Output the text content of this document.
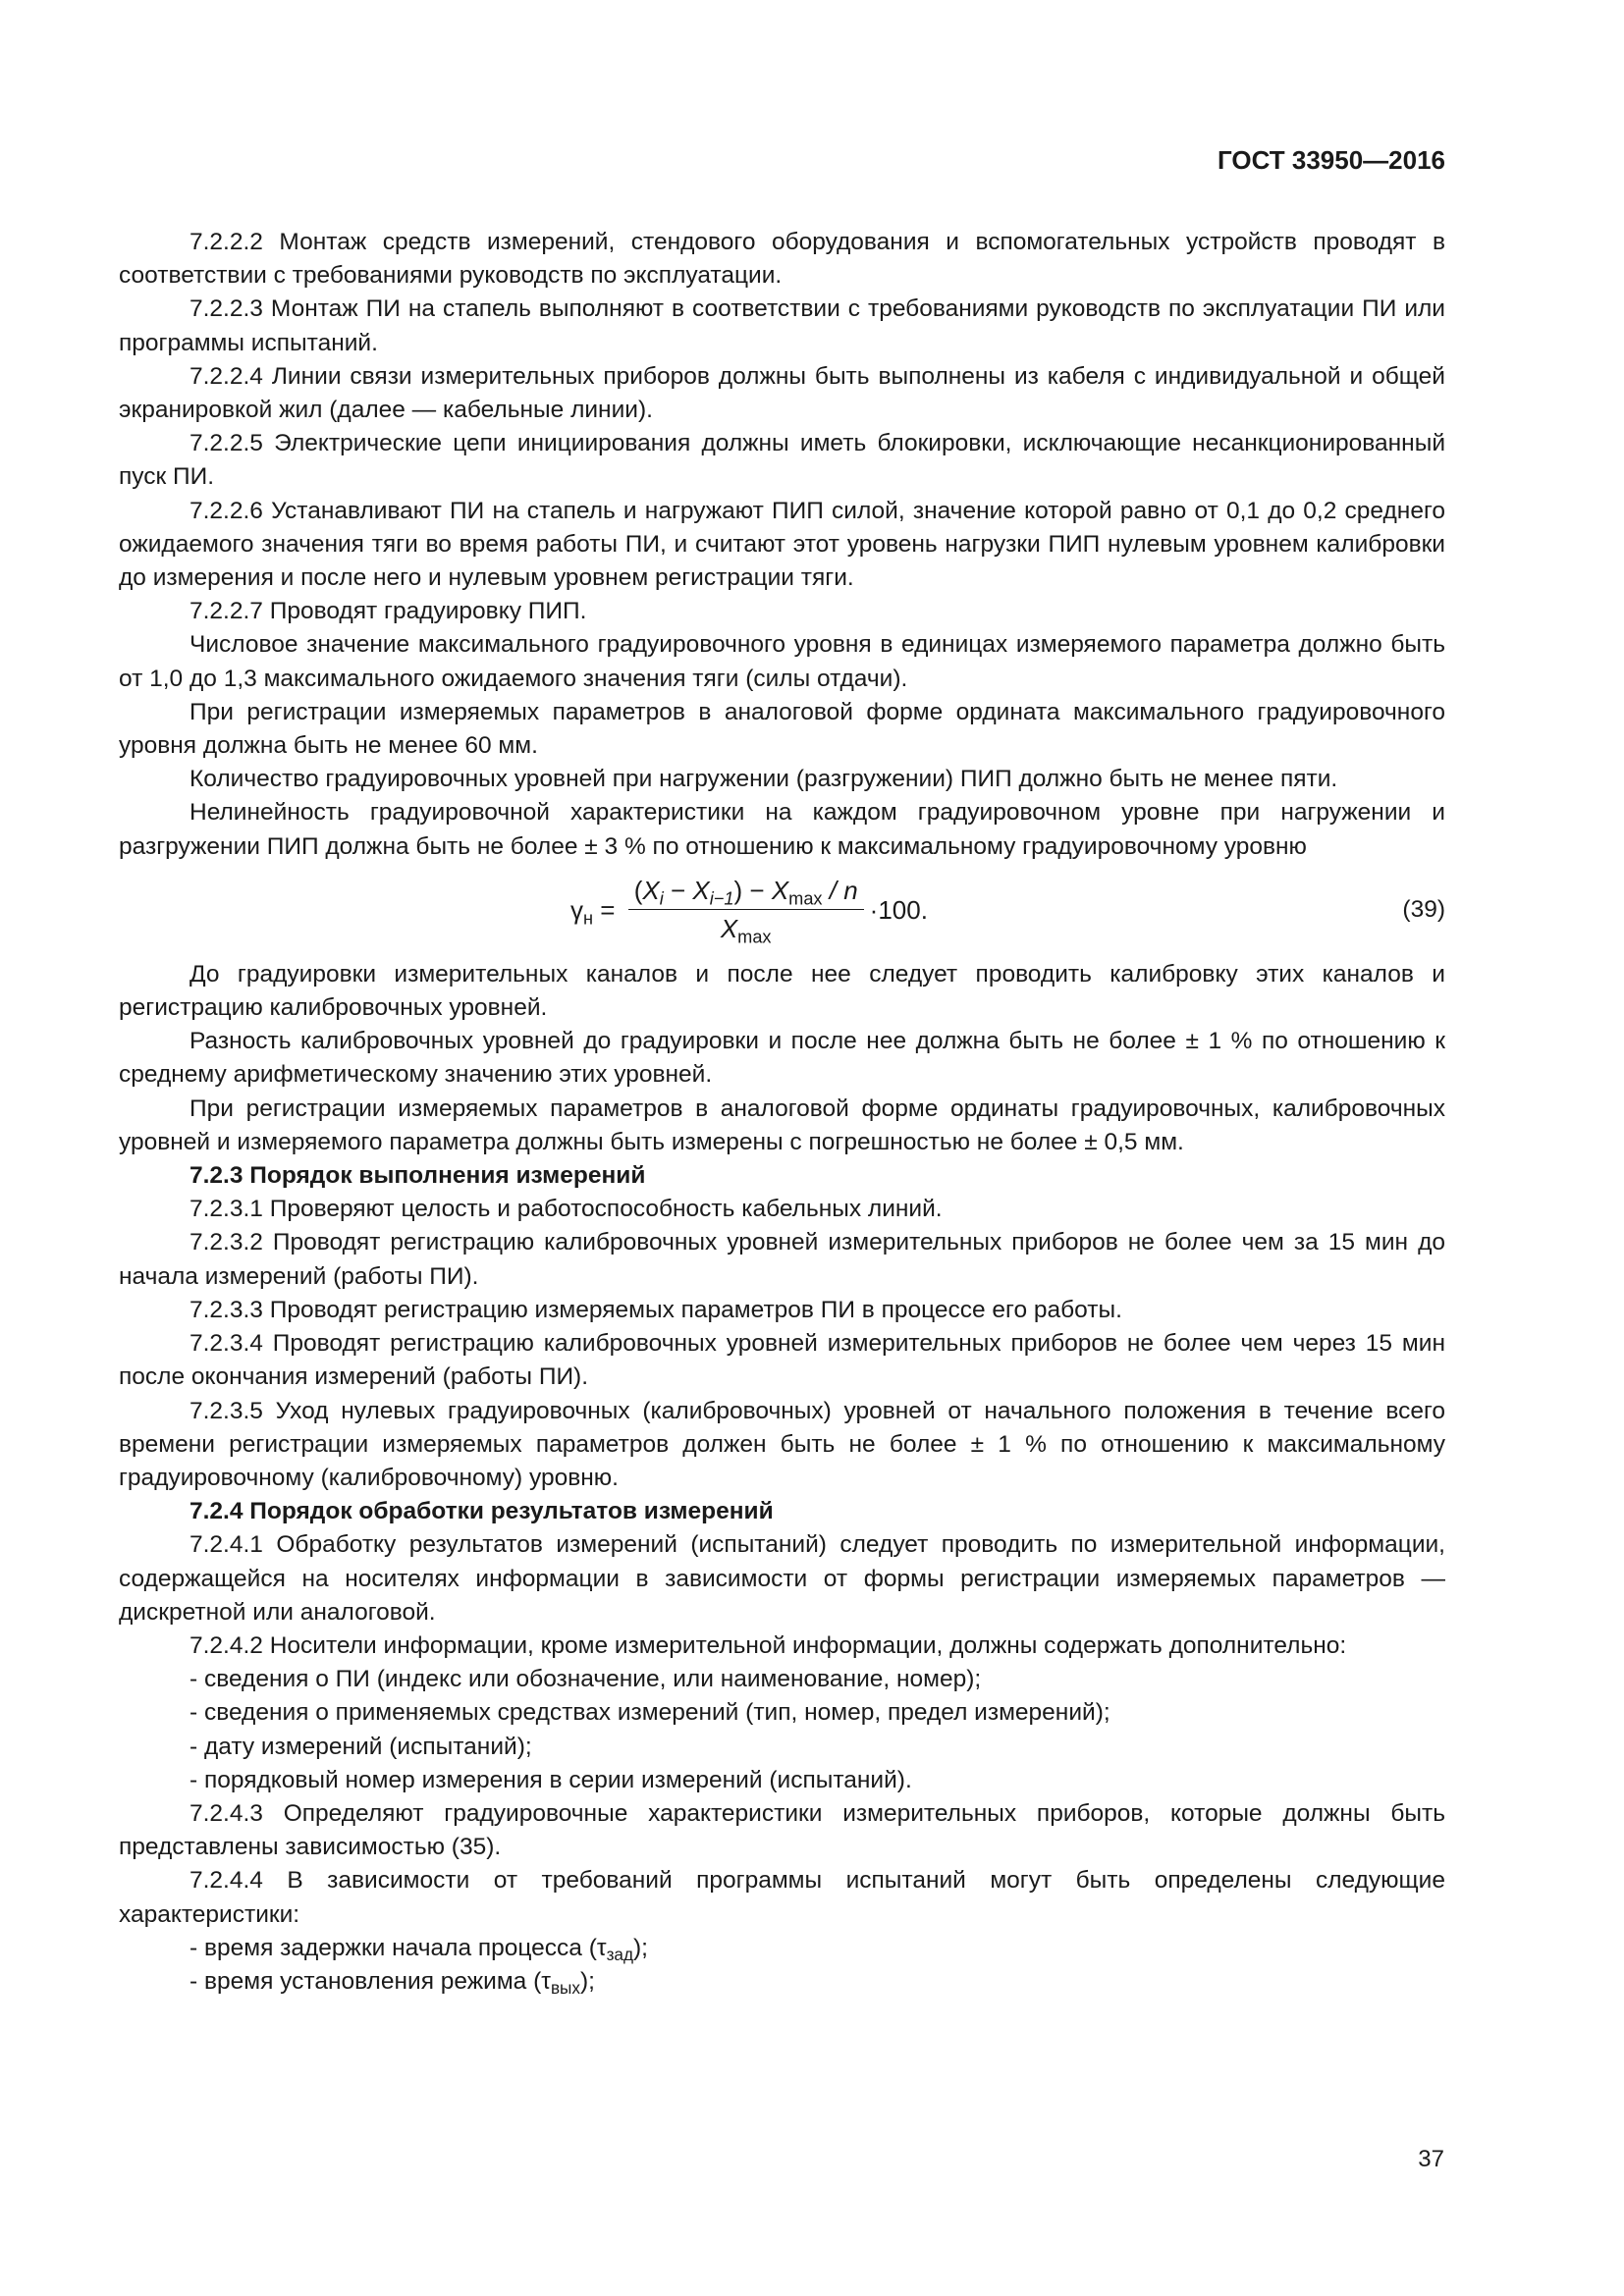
ГОСТ 33950—2016

7.2.2.2 Монтаж средств измерений, стендового оборудования и вспомогательных устройств проводят в соответствии с требованиями руководств по эксплуатации.

7.2.2.3 Монтаж ПИ на стапель выполняют в соответствии с требованиями руководств по эксплуатации ПИ или программы испытаний.

7.2.2.4 Линии связи измерительных приборов должны быть выполнены из кабеля с индивидуальной и общей экранировкой жил (далее — кабельные линии).

7.2.2.5 Электрические цепи инициирования должны иметь блокировки, исключающие несанкционированный пуск ПИ.

7.2.2.6 Устанавливают ПИ на стапель и нагружают ПИП силой, значение которой равно от 0,1 до 0,2 среднего ожидаемого значения тяги во время работы ПИ, и считают этот уровень нагрузки ПИП нулевым уровнем калибровки до измерения и после него и нулевым уровнем регистрации тяги.

7.2.2.7 Проводят градуировку ПИП.

Числовое значение максимального градуировочного уровня в единицах измеряемого параметра должно быть от 1,0 до 1,3 максимального ожидаемого значения тяги (силы отдачи).

При регистрации измеряемых параметров в аналоговой форме ордината максимального градуировочного уровня должна быть не менее 60 мм.

Количество градуировочных уровней при нагружении (разгружении) ПИП должно быть не менее пяти.

Нелинейность градуировочной характеристики на каждом градуировочном уровне при нагружении и разгружении ПИП должна быть не более ± 3 % по отношению к максимальному градуировочному уровню

$\gamma_н = \frac{(X_i - X_{i-1}) - X_{max} / n}{X_{max}} \cdot 100$.	(39)

До градуировки измерительных каналов и после нее следует проводить калибровку этих каналов и регистрацию калибровочных уровней.

Разность калибровочных уровней до градуировки и после нее должна быть не более ± 1 % по отношению к среднему арифметическому значению этих уровней.

При регистрации измеряемых параметров в аналоговой форме ординаты градуировочных, калибровочных уровней и измеряемого параметра должны быть измерены с погрешностью не более ± 0,5 мм.

7.2.3 Порядок выполнения измерений

7.2.3.1 Проверяют целость и работоспособность кабельных линий.

7.2.3.2 Проводят регистрацию калибровочных уровней измерительных приборов не более чем за 15 мин до начала измерений (работы ПИ).

7.2.3.3 Проводят регистрацию измеряемых параметров ПИ в процессе его работы.

7.2.3.4 Проводят регистрацию калибровочных уровней измерительных приборов не более чем через 15 мин после окончания измерений (работы ПИ).

7.2.3.5 Уход нулевых градуировочных (калибровочных) уровней от начального положения в течение всего времени регистрации измеряемых параметров должен быть не более ± 1 % по отношению к максимальному градуировочному (калибровочному) уровню.

7.2.4 Порядок обработки результатов измерений

7.2.4.1 Обработку результатов измерений (испытаний) следует проводить по измерительной информации, содержащейся на носителях информации в зависимости от формы регистрации измеряемых параметров — дискретной или аналоговой.

7.2.4.2 Носители информации, кроме измерительной информации, должны содержать дополнительно:

- сведения о ПИ (индекс или обозначение, или наименование, номер);

- сведения о применяемых средствах измерений (тип, номер, предел измерений);

- дату измерений (испытаний);

- порядковый номер измерения в серии измерений (испытаний).

7.2.4.3 Определяют градуировочные характеристики измерительных приборов, которые должны быть представлены зависимостью (35).

7.2.4.4 В зависимости от требований программы испытаний могут быть определены следующие характеристики:

- время задержки начала процесса $(\tau_{зад})$;

- время установления режима $(\tau_{вых})$;

37
